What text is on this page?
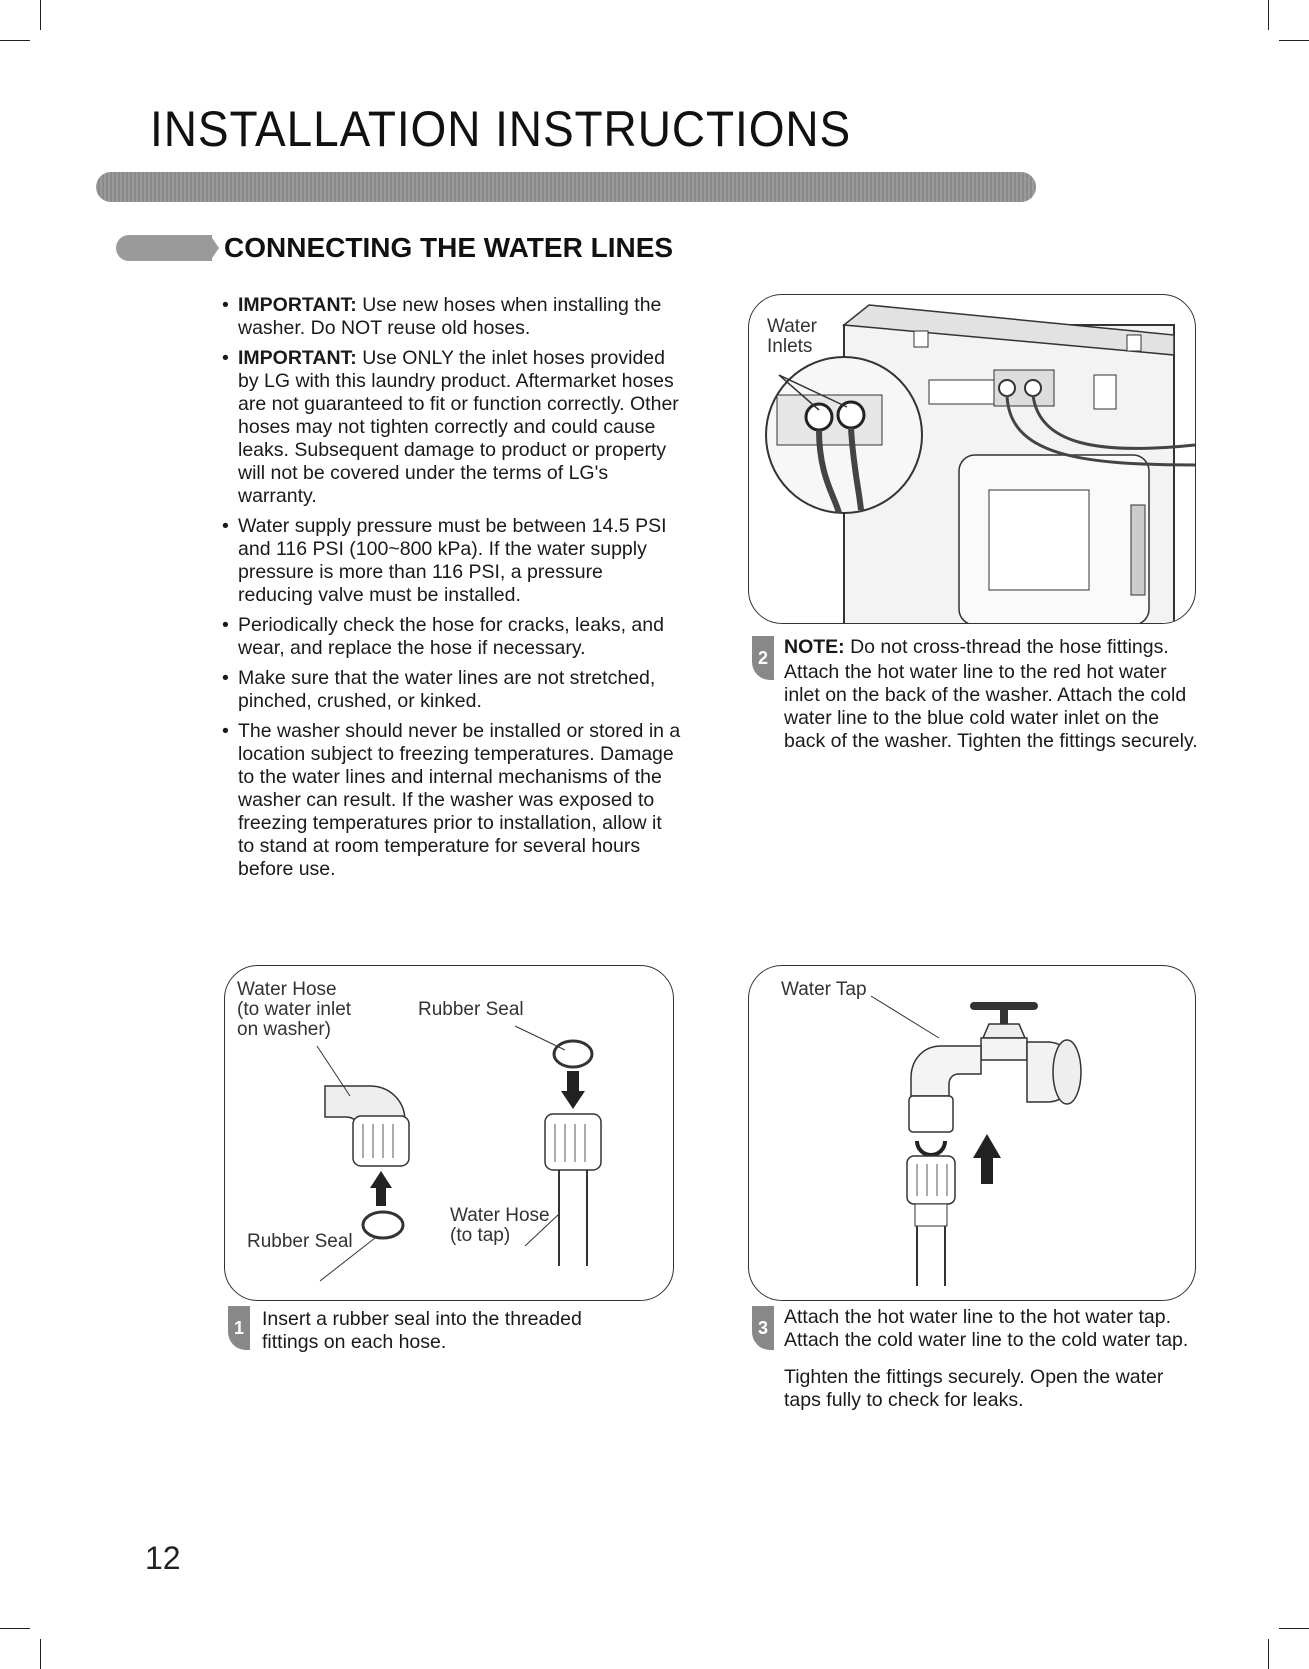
INSTALLATION INSTRUCTIONS
CONNECTING THE WATER LINES
• IMPORTANT: Use new hoses when installing the washer. Do NOT reuse old hoses.
• IMPORTANT: Use ONLY the inlet hoses provided by LG with this laundry product. Aftermarket hoses are not guaranteed to fit or function correctly. Other hoses may not tighten correctly and could cause leaks. Subsequent damage to product or property will not be covered under the terms of LG's warranty.
• Water supply pressure must be between 14.5 PSI and 116 PSI (100~800 kPa). If the water supply pressure is more than 116 PSI, a pressure reducing valve must be installed.
• Periodically check the hose for cracks, leaks, and wear, and replace the hose if necessary.
• Make sure that the water lines are not stretched, pinched, crushed, or kinked.
• The washer should never be installed or stored in a location subject to freezing temperatures. Damage to the water lines and internal mechanisms of the washer can result. If the washer was exposed to freezing temperatures prior to installation, allow it to stand at room temperature for several hours before use.
Water
Inlets
2 NOTE: Do not cross-thread the hose fittings.
Attach the hot water line to the red hot water inlet on the back of the washer. Attach the cold water line to the blue cold water inlet on the back of the washer. Tighten the fittings securely.
Water Hose
(to water inlet
on washer)
Rubber Seal
Rubber Seal
Water Hose
(to tap)
1 Insert a rubber seal into the threaded fittings on each hose.
Water Tap
3 Attach the hot water line to the hot water tap. Attach the cold water line to the cold water tap.
Tighten the fittings securely. Open the water taps fully to check for leaks.
12
